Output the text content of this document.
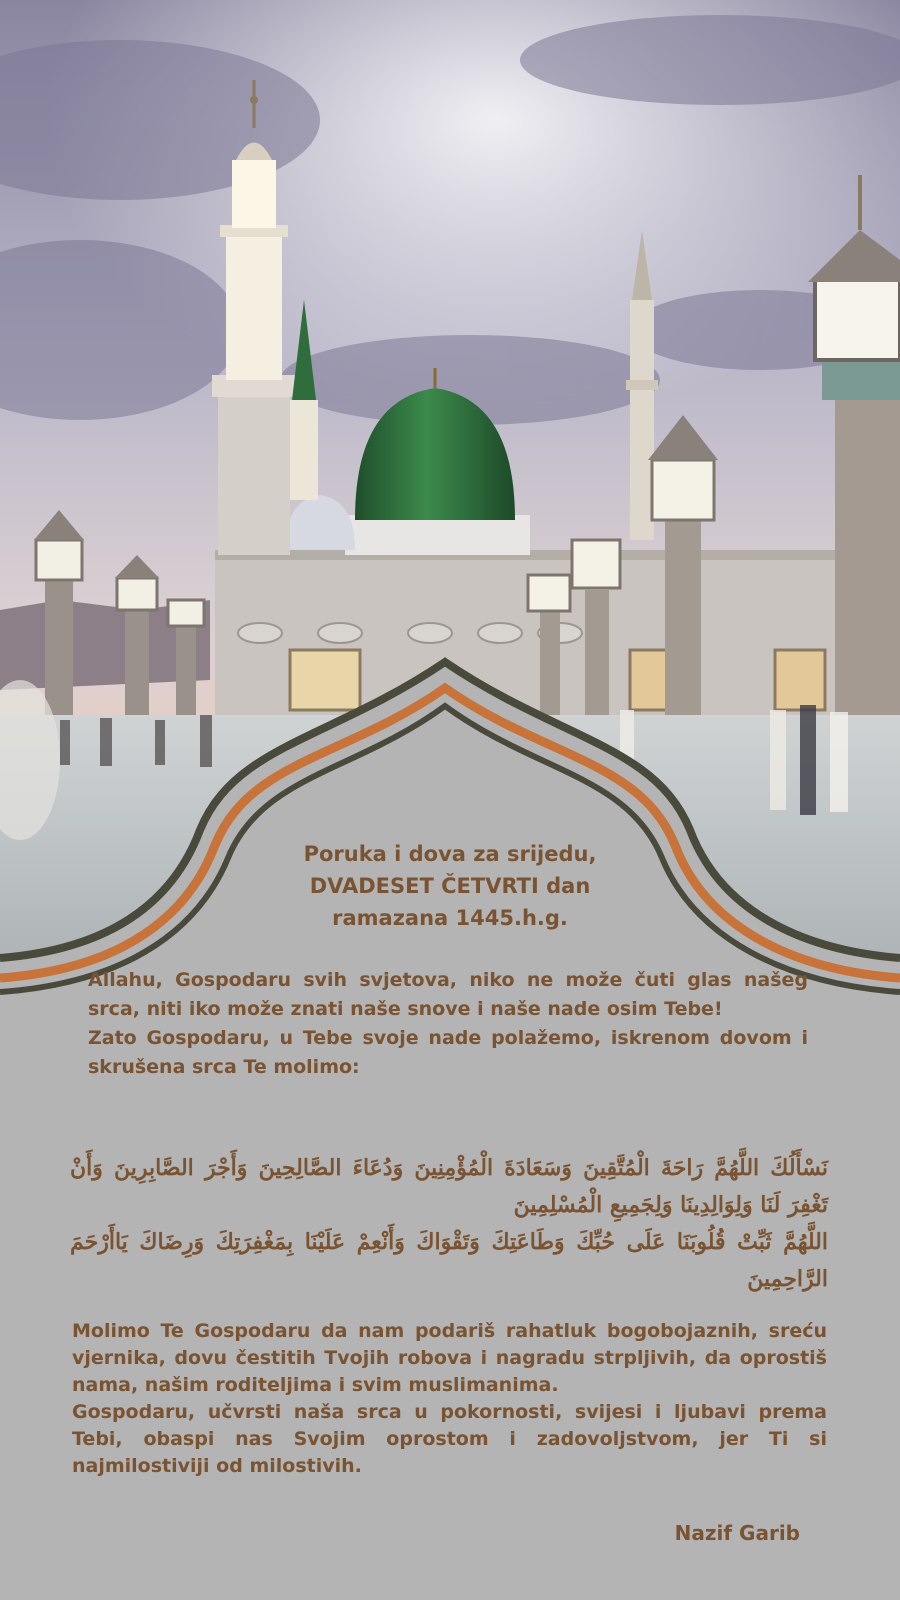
Poruka i dova za srijedu,
DVADESET ČETVRTI dan
ramazana 1445.h.g.

Allahu, Gospodaru svih svjetova, niko ne može čuti glas našeg srca, niti iko može znati naše snove i naše nade osim Tebe!

Zato Gospodaru, u Tebe svoje nade polažemo, iskrenom dovom i skrušena srca Te molimo:

نَسْأَلُكَ اللَّهُمَّ رَاحَةَ الْمُتَّقِينَ وَسَعَادَةَ الْمُؤْمِنِينَ وَدُعَاءَ الصَّالِحِينَ وَأَجْرَ الصَّابِرِينَ وَأَنْ تَغْفِرَ لَنَا وَلِوَالِدِينَا وَلِجَمِيعِ الْمُسْلِمِينَ

اللَّهُمَّ ثَبِّتْ قُلُوبَنَا عَلَى حُبِّكَ وَطَاعَتِكَ وَتَقْوَاكَ وَأَنْعِمْ عَلَيْنَا بِمَغْفِرَتِكَ وَرِضَاكَ يَاأَرْحَمَ الرَّاحِمِينَ

Molimo Te Gospodaru da nam podariš rahatluk bogobojaznih, sreću vjernika, dovu čestitih Tvojih robova i nagradu strpljivih, da oprostiš nama, našim roditeljima i svim muslimanima.

Gospodaru, učvrsti naša srca u pokornosti, svijesi i ljubavi prema Tebi, obaspi nas Svojim oprostom i zadovoljstvom, jer Ti si najmilostiviji od milostivih.

Nazif Garib
